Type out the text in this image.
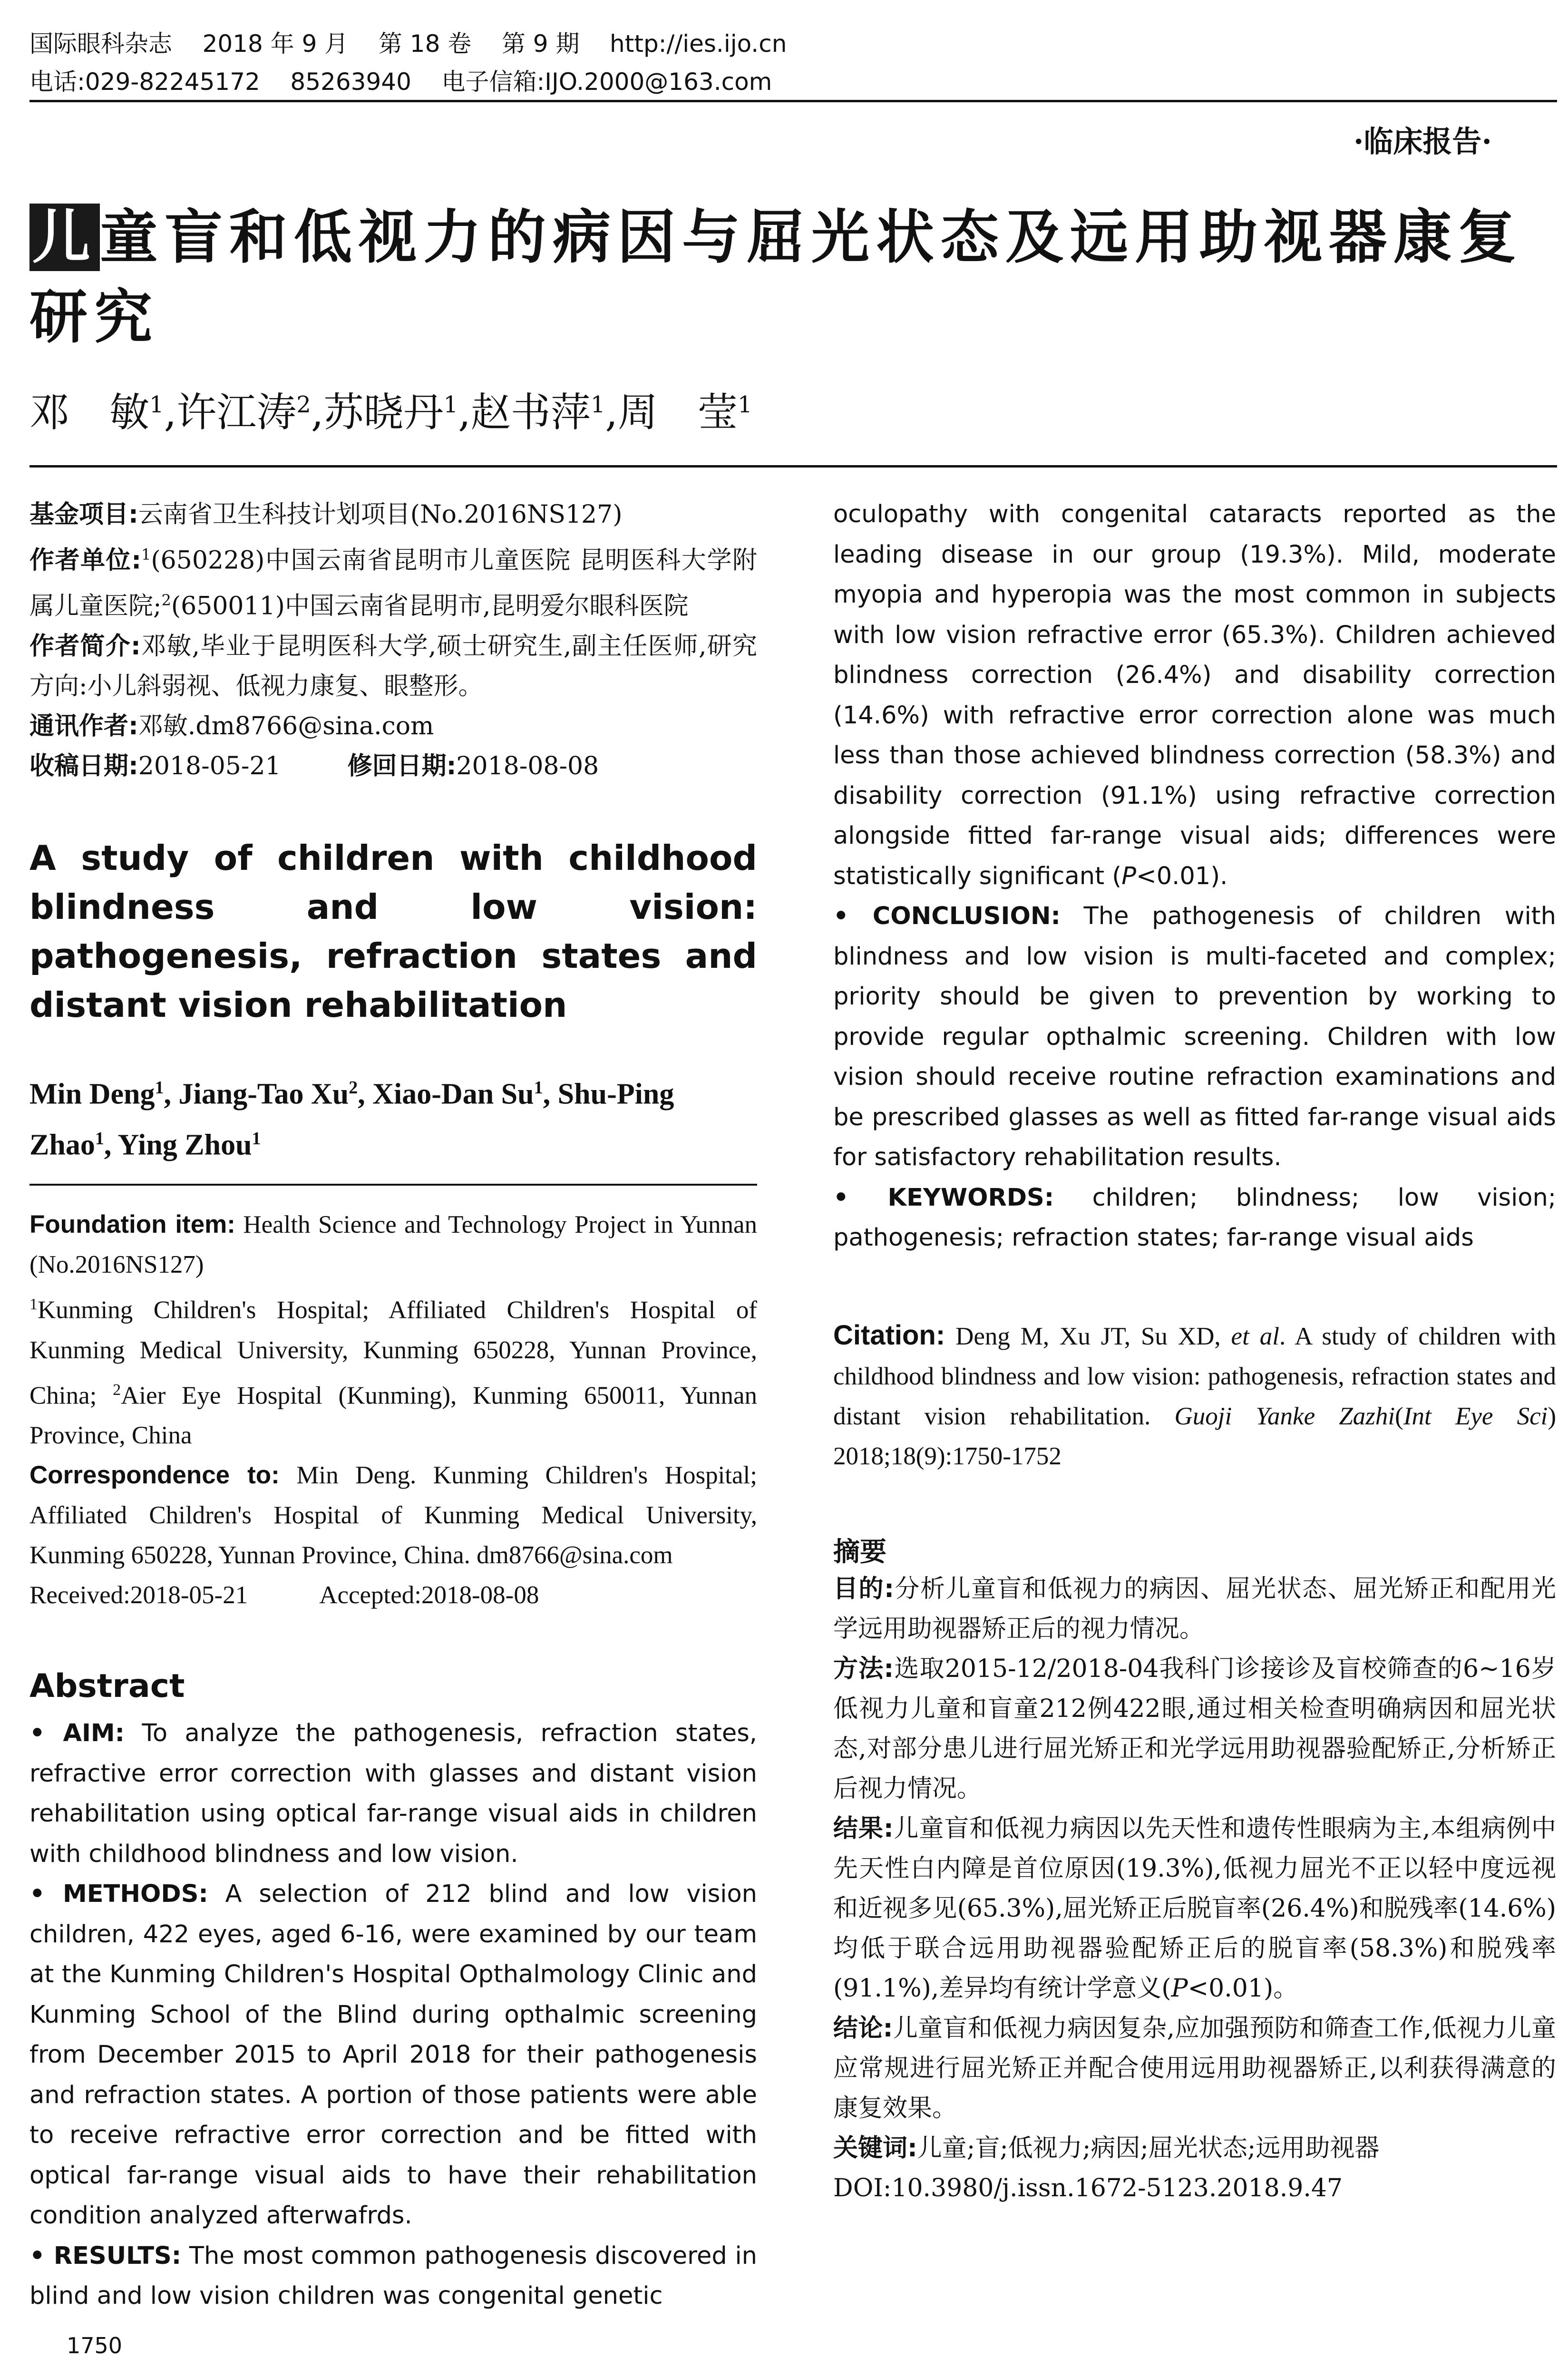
国际眼科杂志    2018 年 9 月    第 18 卷    第 9 期    http://ies.ijo.cn
电话:029-82245172    85263940    电子信箱:IJO.2000@163.com
·临床报告·
儿童盲和低视力的病因与屈光状态及远用助视器康复研究
邓　敏$^1$,许江涛$^2$,苏晓丹$^1$,赵书萍$^1$,周　莹$^1$

基金项目:云南省卫生科技计划项目(No.2016NS127)

作者单位:$^1$(650228)中国云南省昆明市儿童医院 昆明医科大学附属儿童医院;$^2$(650011)中国云南省昆明市,昆明爱尔眼科医院

作者简介:邓敏,毕业于昆明医科大学,硕士研究生,副主任医师,研究方向:小儿斜弱视、低视力康复、眼整形。

通讯作者:邓敏.dm8766@sina.com

收稿日期:2018-05-21	修回日期:2018-08-08

A study of children with childhood blindness and low vision: pathogenesis, refraction states and distant vision rehabilitation

Min Deng$^1$, Jiang-Tao Xu$^2$, Xiao-Dan Su$^1$, Shu-Ping Zhao$^1$, Ying Zhou$^1$

Foundation item: Health Science and Technology Project in Yunnan (No.2016NS127)

$^1$Kunming Children's Hospital; Affiliated Children's Hospital of Kunming Medical University, Kunming 650228, Yunnan Province, China; $^2$Aier Eye Hospital (Kunming), Kunming 650011, Yunnan Province, China

Correspondence to: Min Deng. Kunming Children's Hospital; Affiliated Children's Hospital of Kunming Medical University, Kunming 650228, Yunnan Province, China. dm8766@sina.com

Received:2018-05-21	Accepted:2018-08-08

Abstract

• AIM: To analyze the pathogenesis, refraction states, refractive error correction with glasses and distant vision rehabilitation using optical far-range visual aids in children with childhood blindness and low vision.

• METHODS: A selection of 212 blind and low vision children, 422 eyes, aged 6-16, were examined by our team at the Kunming Children's Hospital Opthalmology Clinic and Kunming School of the Blind during opthalmic screening from December 2015 to April 2018 for their pathogenesis and refraction states. A portion of those patients were able to receive refractive error correction and be fitted with optical far-range visual aids to have their rehabilitation condition analyzed afterwafrds.

• RESULTS: The most common pathogenesis discovered in blind and low vision children was congenital genetic

oculopathy with congenital cataracts reported as the leading disease in our group (19.3%). Mild, moderate myopia and hyperopia was the most common in subjects with low vision refractive error (65.3%). Children achieved blindness correction (26.4%) and disability correction (14.6%) with refractive error correction alone was much less than those achieved blindness correction (58.3%) and disability correction (91.1%) using refractive correction alongside fitted far-range visual aids; differences were statistically significant (P<0.01).

• CONCLUSION: The pathogenesis of children with blindness and low vision is multi-faceted and complex; priority should be given to prevention by working to provide regular opthalmic screening. Children with low vision should receive routine refraction examinations and be prescribed glasses as well as fitted far-range visual aids for satisfactory rehabilitation results.

• KEYWORDS: children; blindness; low vision; pathogenesis; refraction states; far-range visual aids

Citation: Deng M, Xu JT, Su XD, et al. A study of children with childhood blindness and low vision: pathogenesis, refraction states and distant vision rehabilitation. Guoji Yanke Zazhi(Int Eye Sci) 2018;18(9):1750-1752

摘要

目的:分析儿童盲和低视力的病因、屈光状态、屈光矫正和配用光学远用助视器矫正后的视力情况。

方法:选取2015-12/2018-04我科门诊接诊及盲校筛查的6~16岁低视力儿童和盲童212例422眼,通过相关检查明确病因和屈光状态,对部分患儿进行屈光矫正和光学远用助视器验配矫正,分析矫正后视力情况。

结果:儿童盲和低视力病因以先天性和遗传性眼病为主,本组病例中先天性白内障是首位原因(19.3%),低视力屈光不正以轻中度远视和近视多见(65.3%),屈光矫正后脱盲率(26.4%)和脱残率(14.6%)均低于联合远用助视器验配矫正后的脱盲率(58.3%)和脱残率(91.1%),差异均有统计学意义(P<0.01)。

结论:儿童盲和低视力病因复杂,应加强预防和筛查工作,低视力儿童应常规进行屈光矫正并配合使用远用助视器矫正,以利获得满意的康复效果。

关键词:儿童;盲;低视力;病因;屈光状态;远用助视器

DOI:10.3980/j.issn.1672-5123.2018.9.47

1750
